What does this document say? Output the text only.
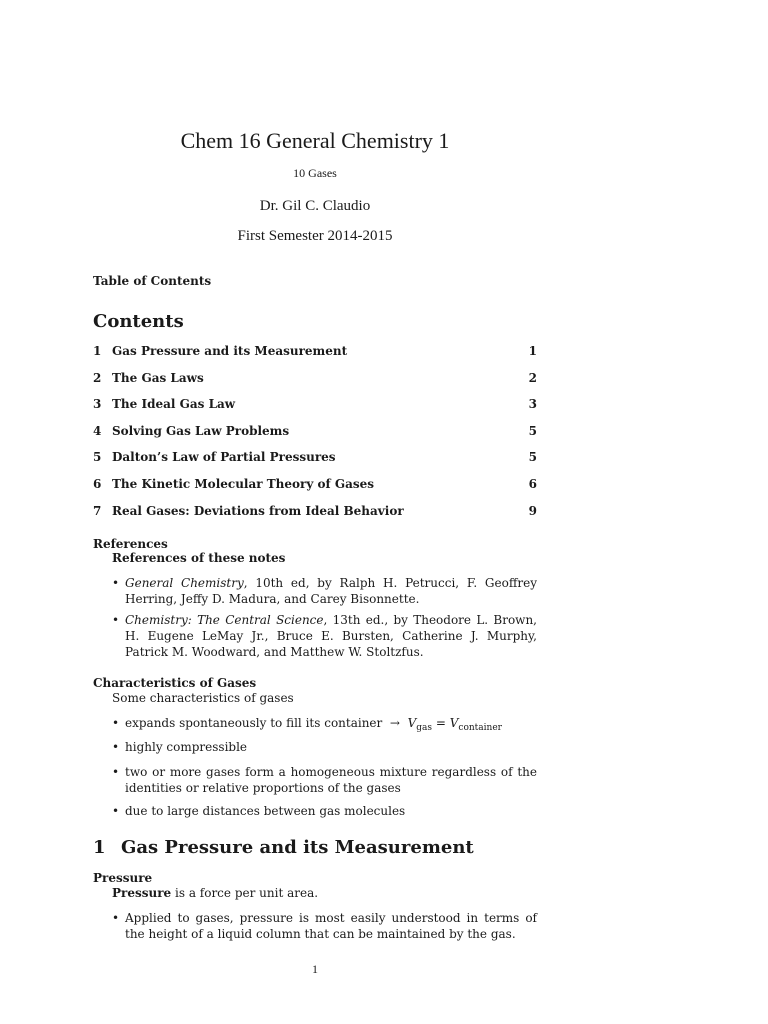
Chem 16 General Chemistry 1
10 Gases
Dr. Gil C. Claudio
First Semester 2014-2015
Table of Contents
Contents
1 Gas Pressure and its Measurement	1
2 The Gas Laws	2
3 The Ideal Gas Law	3
4 Solving Gas Law Problems	5
5 Dalton’s Law of Partial Pressures	5
6 The Kinetic Molecular Theory of Gases	6
7 Real Gases: Deviations from Ideal Behavior	9
References
References of these notes
• General Chemistry, 10th ed, by Ralph H. Petrucci, F. Geoffrey Herring, Jeffy D. Madura, and Carey Bisonnette.
• Chemistry: The Central Science, 13th ed., by Theodore L. Brown, H. Eugene LeMay Jr., Bruce E. Bursten, Catherine J. Murphy, Patrick M. Woodward, and Matthew W. Stoltzfus.
Characteristics of Gases
Some characteristics of gases
• expands spontaneously to fill its container → $V_{gas} = V_{container}$
• highly compressible
• two or more gases form a homogeneous mixture regardless of the identities or relative proportions of the gases
• due to large distances between gas molecules
1 Gas Pressure and its Measurement
Pressure
Pressure is a force per unit area.
• Applied to gases, pressure is most easily understood in terms of the height of a liquid column that can be maintained by the gas.
1
